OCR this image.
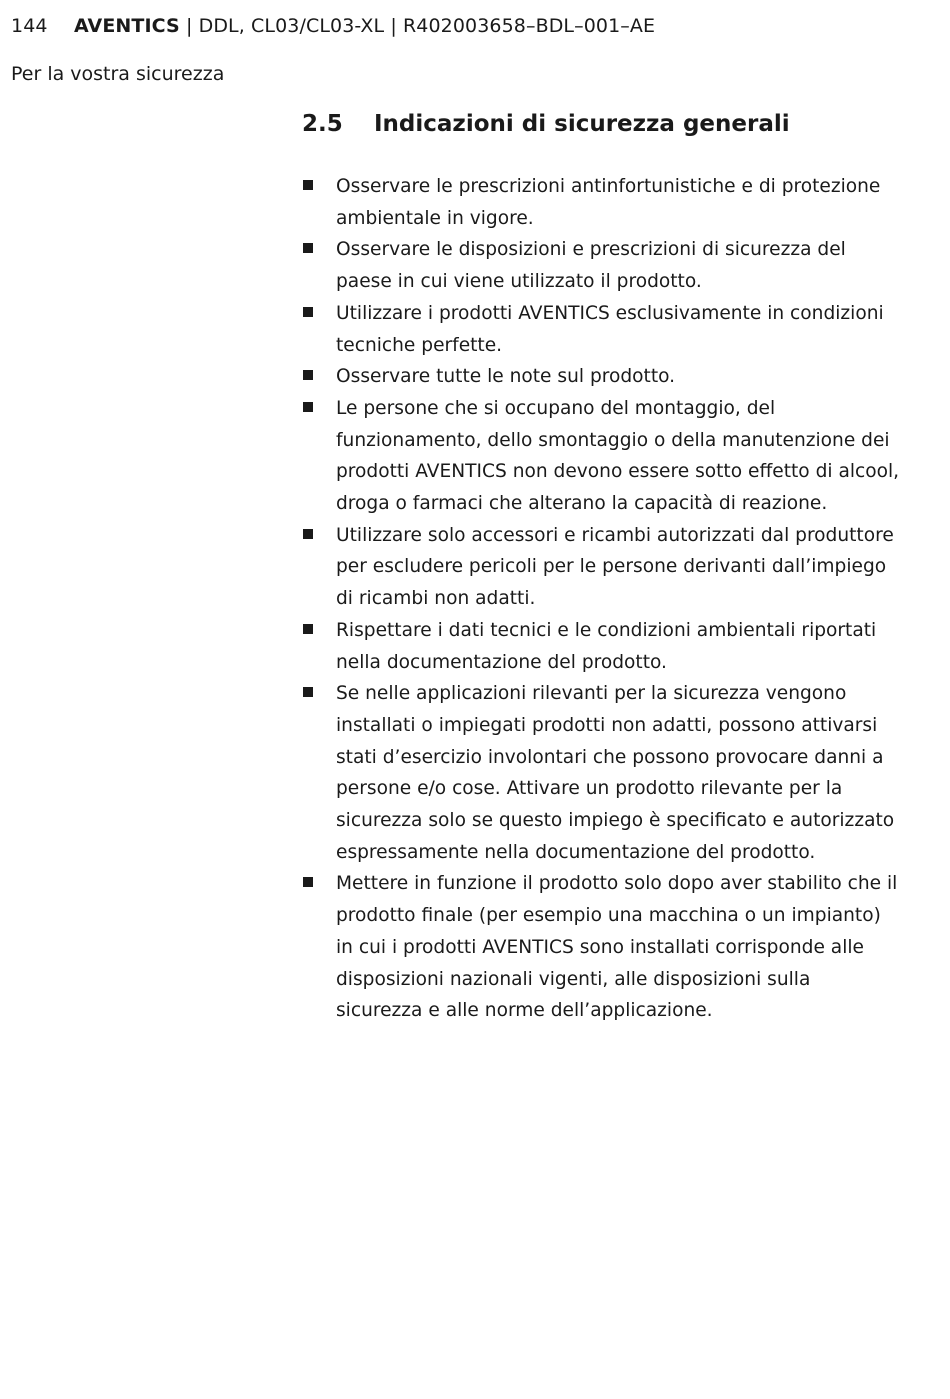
144 AVENTICS | DDL, CL03/CL03-XL | R402003658–BDL–001–AE
Per la vostra sicurezza
2.5 Indicazioni di sicurezza generali
Osservare le prescrizioni antinfortunistiche e di protezione ambientale in vigore.
Osservare le disposizioni e prescrizioni di sicurezza del paese in cui viene utilizzato il prodotto.
Utilizzare i prodotti AVENTICS esclusivamente in condizioni tecniche perfette.
Osservare tutte le note sul prodotto.
Le persone che si occupano del montaggio, del funzionamento, dello smontaggio o della manutenzione dei prodotti AVENTICS non devono essere sotto effetto di alcool, droga o farmaci che alterano la capacità di reazione.
Utilizzare solo accessori e ricambi autorizzati dal produttore per escludere pericoli per le persone derivanti dall’impiego di ricambi non adatti.
Rispettare i dati tecnici e le condizioni ambientali riportati nella documentazione del prodotto.
Se nelle applicazioni rilevanti per la sicurezza vengono installati o impiegati prodotti non adatti, possono attivarsi stati d’esercizio involontari che possono provocare danni a persone e/o cose. Attivare un prodotto rilevante per la sicurezza solo se questo impiego è specificato e autorizzato espressamente nella documentazione del prodotto.
Mettere in funzione il prodotto solo dopo aver stabilito che il prodotto finale (per esempio una macchina o un impianto) in cui i prodotti AVENTICS sono installati corrisponde alle disposizioni nazionali vigenti, alle disposizioni sulla sicurezza e alle norme dell’applicazione.
